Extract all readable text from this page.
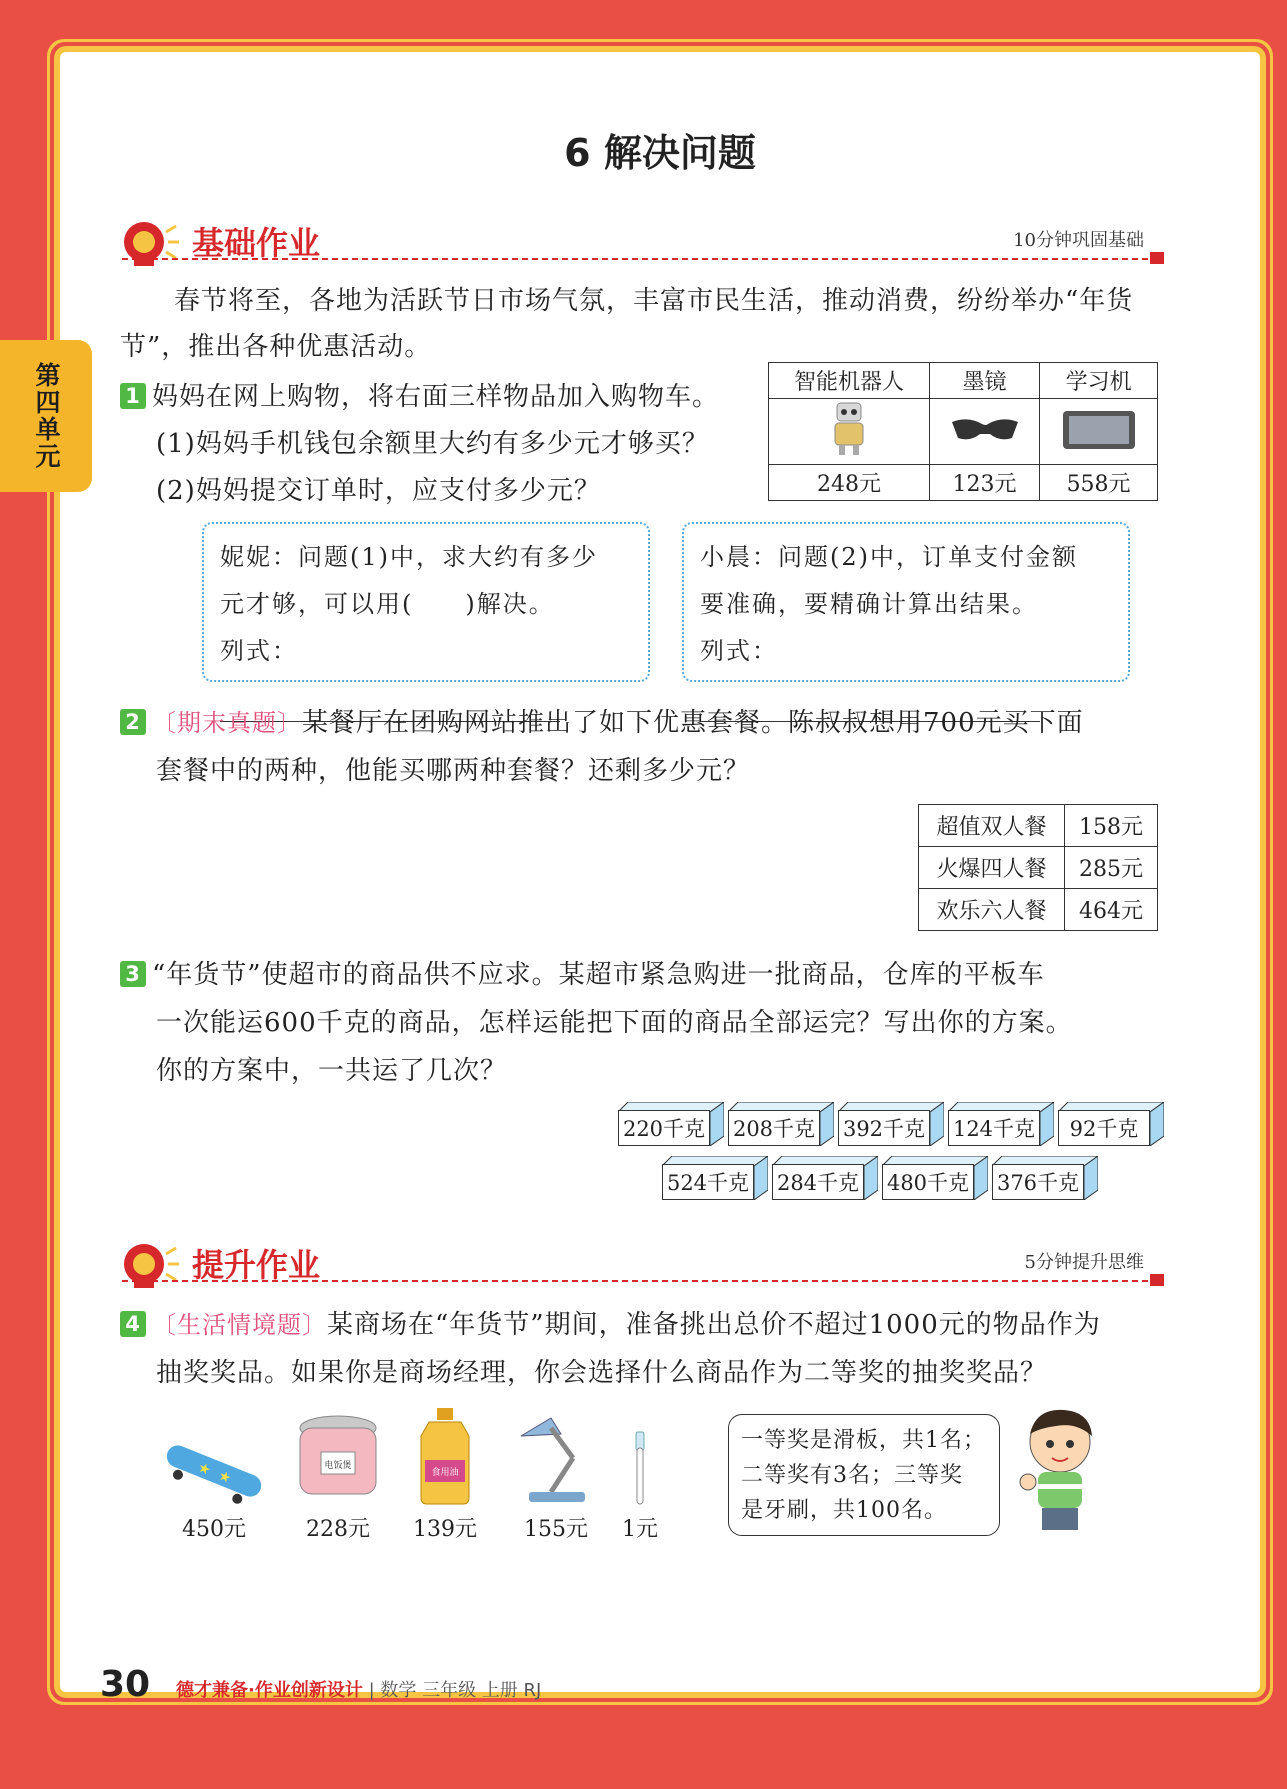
第四单元
6 解决问题
基础作业	10分钟巩固基础
春节将至，各地为活跃节日市场气氛，丰富市民生活，推动消费，纷纷举办“年货
节”，推出各种优惠活动。
1 妈妈在网上购物，将右面三样物品加入购物车。
(1)妈妈手机钱包余额里大约有多少元才够买？
(2)妈妈提交订单时，应支付多少元？
智能机器人	墨镜	学习机

248元	123元	558元
妮妮：问题(1)中，求大约有多少
元才够，可以用(　　)解决。
列式：
小晨：问题(2)中，订单支付金额
要准确，要精确计算出结果。
列式：
2 〔期末真题〕某餐厅在团购网站推出了如下优惠套餐。陈叔叔想用700元买下面
套餐中的两种，他能买哪两种套餐？还剩多少元？
超值双人餐	158元
火爆四人餐	285元
欢乐六人餐	464元
3 “年货节”使超市的商品供不应求。某超市紧急购进一批商品，仓库的平板车
一次能运600千克的商品，怎样运能把下面的商品全部运完？写出你的方案。
你的方案中，一共运了几次？
220千克 208千克 392千克 124千克	92千克
524千克 284千克 480千克 376千克
提升作业	5分钟提升思维
4 〔生活情境题〕某商场在“年货节”期间，准备挑出总价不超过1000元的物品作为
抽奖奖品。如果你是商场经理，你会选择什么商品作为二等奖的抽奖奖品？
★ ★
450元
电饭煲
228元
食用油
139元	155元	1元
一等奖是滑板，共1名；
二等奖有3名；三等奖
是牙刷，共100名。
30 德才兼备·作业创新设计 | 数学 三年级 上册 RJ
